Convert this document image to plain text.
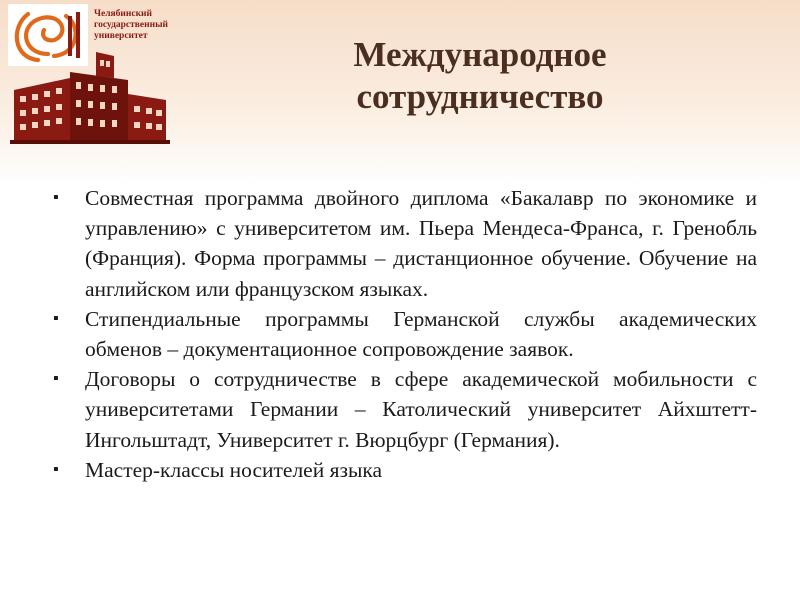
Челябинский
государственный
университет	Международное
сотрудничество
▪ Совместная программа двойного диплома «Бакалавр по экономике и управлению» с университетом им. Пьера Мендеса-Франса, г. Гренобль (Франция). Форма программы – дистанционное обучение. Обучение на английском или французском языках.
▪ Стипендиальные программы Германской службы академических обменов – документационное сопровождение заявок.
▪ Договоры о сотрудничестве в сфере академической мобильности с университетами Германии – Католический университет Айхштетт-Ингольштадт, Университет г. Вюрцбург (Германия).
▪ Мастер-классы носителей языка
